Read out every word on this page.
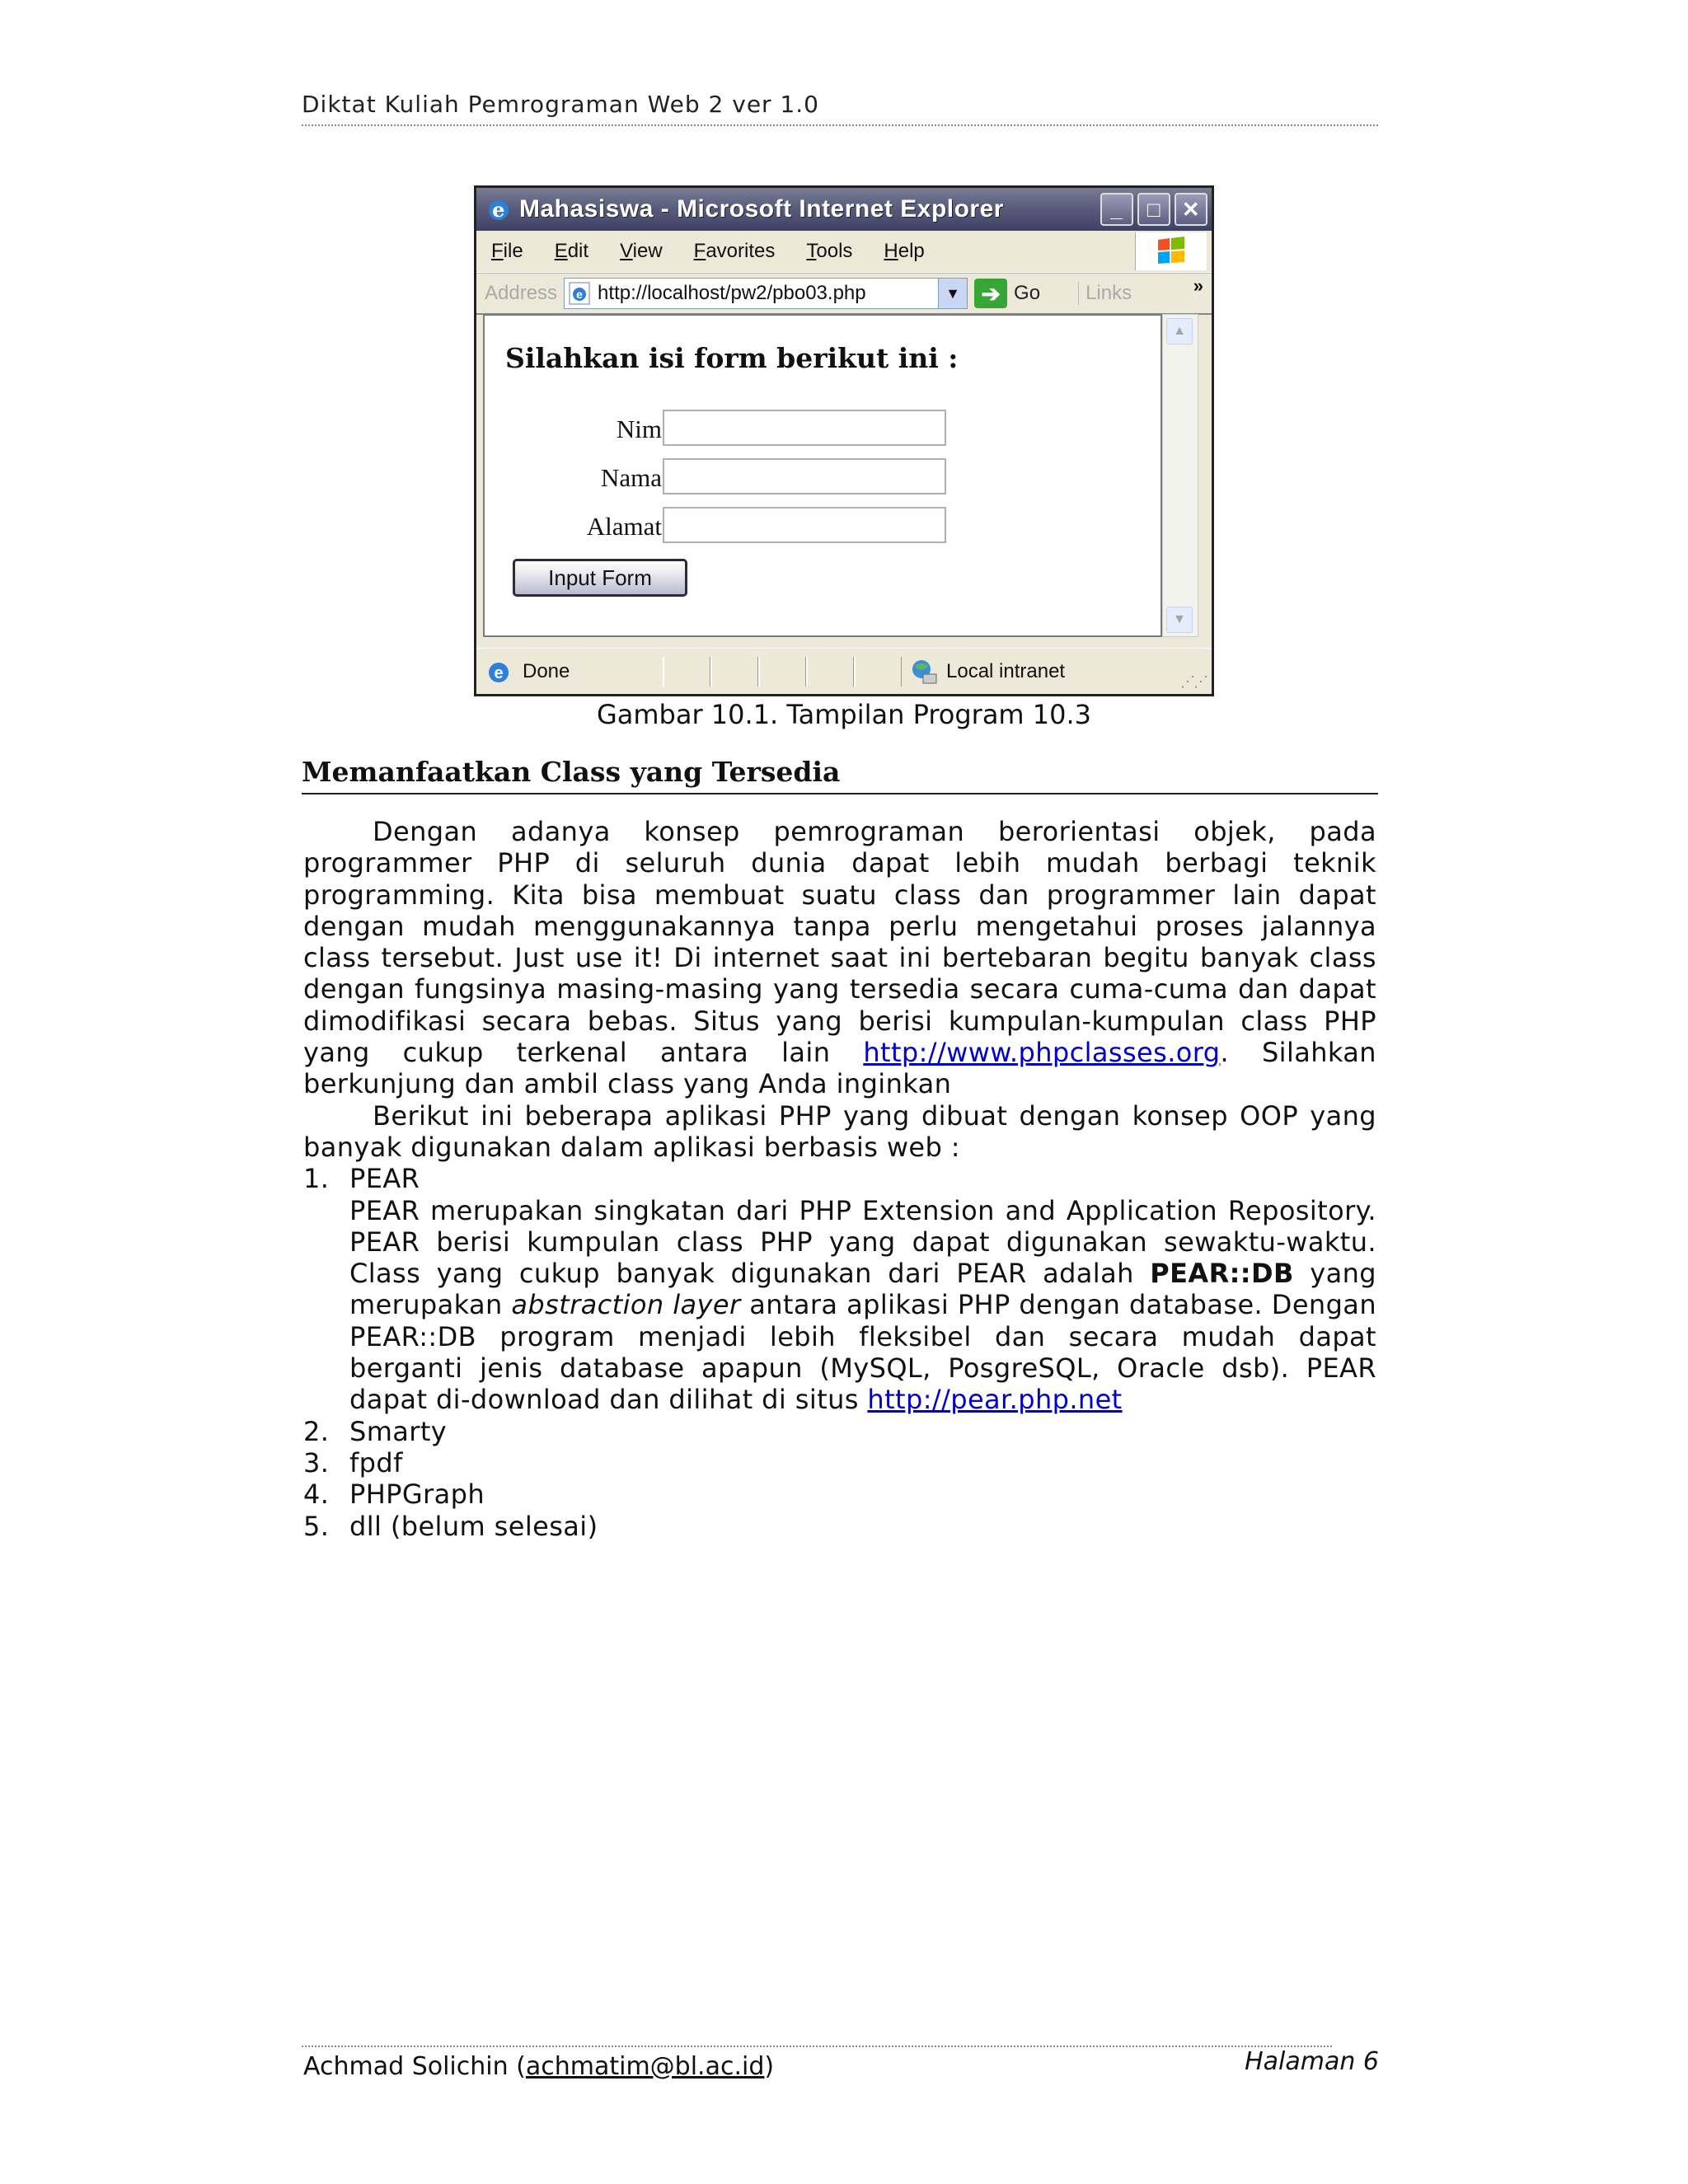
Diktat Kuliah Pemrograman Web 2 ver 1.0
e Mahasiswa - Microsoft Internet Explorer	_	□ ✕
File Edit View Favorites Tools Help
Address e http://localhost/pw2/pbo03.php	▼ ➔ Go	Links	»
Silahkan isi form berikut ini :
Nim
Nama
Alamat
Input Form
▲
▼
e Done	Local intranet	⋰⋰
Gambar 10.1. Tampilan Program 10.3
Memanfaatkan Class yang Tersedia

Dengan adanya konsep pemrograman berorientasi objek, pada programmer PHP di seluruh dunia dapat lebih mudah berbagi teknik programming. Kita bisa membuat suatu class dan programmer lain dapat dengan mudah menggunakannya tanpa perlu mengetahui proses jalannya class tersebut. Just use it! Di internet saat ini bertebaran begitu banyak class dengan fungsinya masing-masing yang tersedia secara cuma-cuma dan dapat dimodifikasi secara bebas. Situs yang berisi kumpulan-kumpulan class PHP yang cukup terkenal antara lain http://www.phpclasses.org. Silahkan berkunjung dan ambil class yang Anda inginkan

Berikut ini beberapa aplikasi PHP yang dibuat dengan konsep OOP yang banyak digunakan dalam aplikasi berbasis web :

1. PEAR

PEAR merupakan singkatan dari PHP Extension and Application Repository. PEAR berisi kumpulan class PHP yang dapat digunakan sewaktu-waktu. Class yang cukup banyak digunakan dari PEAR adalah PEAR::DB yang merupakan abstraction layer antara aplikasi PHP dengan database. Dengan PEAR::DB program menjadi lebih fleksibel dan secara mudah dapat berganti jenis database apapun (MySQL, PosgreSQL, Oracle dsb). PEAR dapat di-download dan dilihat di situs http://pear.php.net

2. Smarty
3. fpdf
4. PHPGraph
5. dll (belum selesai)
Achmad Solichin (achmatim@bl.ac.id)	Halaman 6
